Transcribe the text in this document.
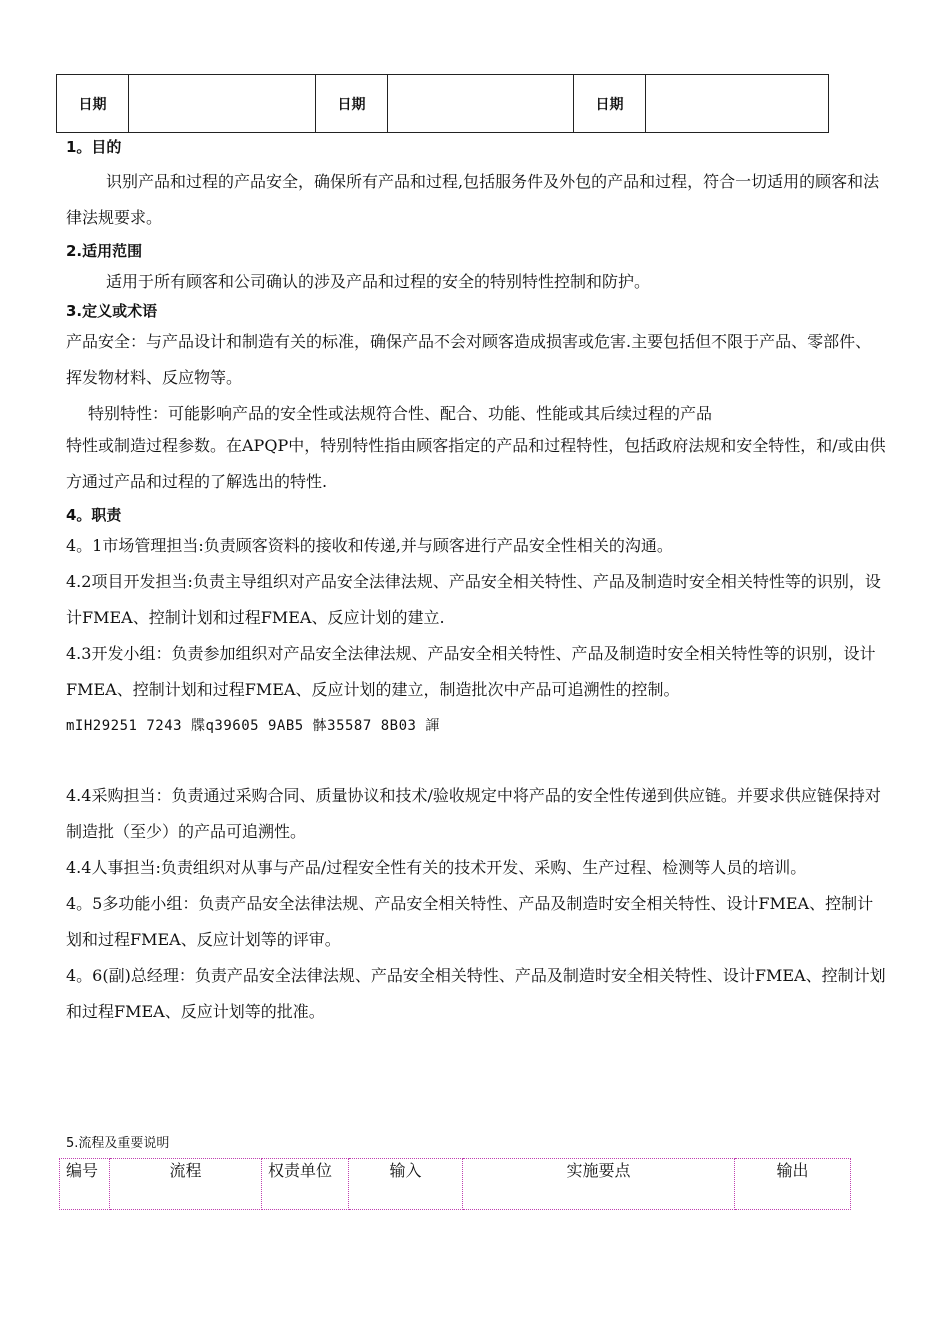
日期		日期		日期	

1。目的

识别产品和过程的产品安全，确保所有产品和过程,包括服务件及外包的产品和过程，符合一切适用的顾客和法律法规要求。

2.适用范围

适用于所有顾客和公司确认的涉及产品和过程的安全的特别特性控制和防护。

3.定义或术语

产品安全：与产品设计和制造有关的标准，确保产品不会对顾客造成损害或危害.主要包括但不限于产品、零部件、挥发物材料、反应物等。

特别特性：可能影响产品的安全性或法规符合性、配合、功能、性能或其后续过程的产品

特性或制造过程参数。在APQP中，特别特性指由顾客指定的产品和过程特性，包括政府法规和安全特性，和/或由供方通过产品和过程的了解选出的特性.

4。职责

4。1市场管理担当:负责顾客资料的接收和传递,并与顾客进行产品安全性相关的沟通。

4.2项目开发担当:负责主导组织对产品安全法律法规、产品安全相关特性、产品及制造时安全相关特性等的识别，设计FMEA、控制计划和过程FMEA、反应计划的建立.

4.3开发小组：负责参加组织对产品安全法律法规、产品安全相关特性、产品及制造时安全相关特性等的识别，设计FMEA、控制计划和过程FMEA、反应计划的建立，制造批次中产品可追溯性的控制。

mIH29251 7243 牒q39605 9AB5 骵35587 8B03 諢

4.4采购担当：负责通过采购合同、质量协议和技术/验收规定中将产品的安全性传递到供应链。并要求供应链保持对制造批（至少）的产品可追溯性。

4.4人事担当:负责组织对从事与产品/过程安全性有关的技术开发、采购、生产过程、检测等人员的培训。

4。5多功能小组：负责产品安全法律法规、产品安全相关特性、产品及制造时安全相关特性、设计FMEA、控制计划和过程FMEA、反应计划等的评审。

4。6(副)总经理：负责产品安全法律法规、产品安全相关特性、产品及制造时安全相关特性、设计FMEA、控制计划和过程FMEA、反应计划等的批准。

5.流程及重要说明
编号	流程	权责单位	输入	实施要点	输出
